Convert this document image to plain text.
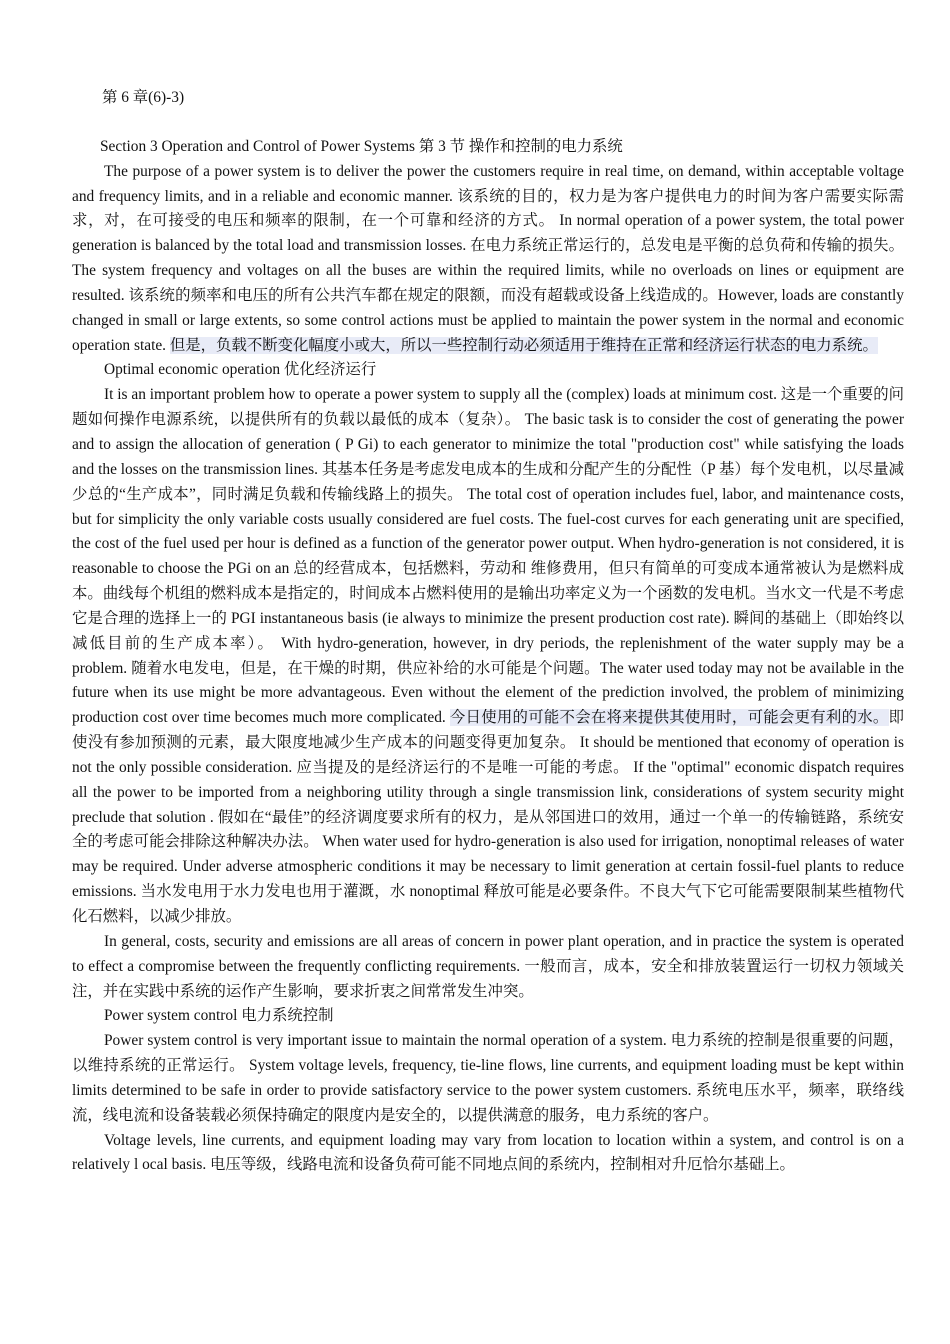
第 6 章(6)-3)
Section 3 Operation and Control of Power Systems 第 3 节 操作和控制的电力系统

The purpose of a power system is to deliver the power the customers require in real time, on demand, within acceptable voltage and frequency limits, and in a reliable and economic manner. 该系统的目的，权力是为客户提供电力的时间为客户需要实际需求，对，在可接受的电压和频率的限制，在一个可靠和经济的方式。 In normal operation of a power system, the total power generation is balanced by the total load and transmission losses. 在电力系统正常运行的，总发电是平衡的总负荷和传输的损失。 The system frequency and voltages on all the buses are within the required limits, while no overloads on lines or equipment are resulted. 该系统的频率和电压的所有公共汽车都在规定的限额，而没有超载或设备上线造成的。However, loads are constantly changed in small or large extents, so some control actions must be applied to maintain the power system in the normal and economic operation state. 但是，负载不断变化幅度小或大，所以一些控制行动必须适用于维持在正常和经济运行状态的电力系统。

Optimal economic operation 优化经济运行

It is an important problem how to operate a power system to supply all the (complex) loads at minimum cost. 这是一个重要的问题如何操作电源系统，以提供所有的负载以最低的成本（复杂）。 The basic task is to consider the cost of generating the power and to assign the allocation of generation ( P Gi) to each generator to minimize the total "production cost" while satisfying the loads and the losses on the transmission lines. 其基本任务是考虑发电成本的生成和分配产生的分配性（P 基）每个发电机，以尽量减少总的“生产成本”，同时满足负载和传输线路上的损失。 The total cost of operation includes fuel, labor, and maintenance costs, but for simplicity the only variable costs usually considered are fuel costs. The fuel-cost curves for each generating unit are specified, the cost of the fuel used per hour is defined as a function of the generator power output. When hydro-generation is not considered, it is reasonable to choose the PGi on an 总的经营成本，包括燃料，劳动和 维修费用，但只有简单的可变成本通常被认为是燃料成本。曲线每个机组的燃料成本是指定的，时间成本占燃料使用的是输出功率定义为一个函数的发电机。当水文一代是不考虑它是合理的选择上一的 PGI instantaneous basis (ie always to minimize the present production cost rate). 瞬间的基础上（即始终以减低目前的生产成本率）。 With hydro-generation, however, in dry periods, the replenishment of the water supply may be a problem. 随着水电发电，但是，在干燥的时期，供应补给的水可能是个问题。The water used today may not be available in the future when its use might be more advantageous. Even without the element of the prediction involved, the problem of minimizing production cost over time becomes much more complicated. 今日使用的可能不会在将来提供其使用时，可能会更有利的水。即使没有参加预测的元素，最大限度地减少生产成本的问题变得更加复杂。 It should be mentioned that economy of operation is not the only possible consideration. 应当提及的是经济运行的不是唯一可能的考虑。 If the "optimal" economic dispatch requires all the power to be imported from a neighboring utility through a single transmission link, considerations of system security might preclude that solution . 假如在“最佳”的经济调度要求所有的权力，是从邻国进口的效用，通过一个单一的传输链路，系统安全的考虑可能会排除这种解决办法。 When water used for hydro-generation is also used for irrigation, nonoptimal releases of water may be required. Under adverse atmospheric conditions it may be necessary to limit generation at certain fossil-fuel plants to reduce emissions. 当水发电用于水力发电也用于灌溉，水 nonoptimal 释放可能是必要条件。不良大气下它可能需要限制某些植物代化石燃料，以减少排放。

In general, costs, security and emissions are all areas of concern in power plant operation, and in practice the system is operated to effect a compromise between the frequently conflicting requirements. 一般而言，成本，安全和排放装置运行一切权力领域关注，并在实践中系统的运作产生影响，要求折衷之间常常发生冲突。

Power system control 电力系统控制

Power system control is very important issue to maintain the normal operation of a system. 电力系统的控制是很重要的问题，以维持系统的正常运行。 System voltage levels, frequency, tie-line flows, line currents, and equipment loading must be kept within limits determined to be safe in order to provide satisfactory service to the power system customers. 系统电压水平，频率，联络线流，线电流和设备装载必须保持确定的限度内是安全的，以提供满意的服务，电力系统的客户。

Voltage levels, line currents, and equipment loading may vary from location to location within a system, and control is on a relatively l ocal basis. 电压等级，线路电流和设备负荷可能不同地点间的系统内，控制相对升厄恰尔基础上。
